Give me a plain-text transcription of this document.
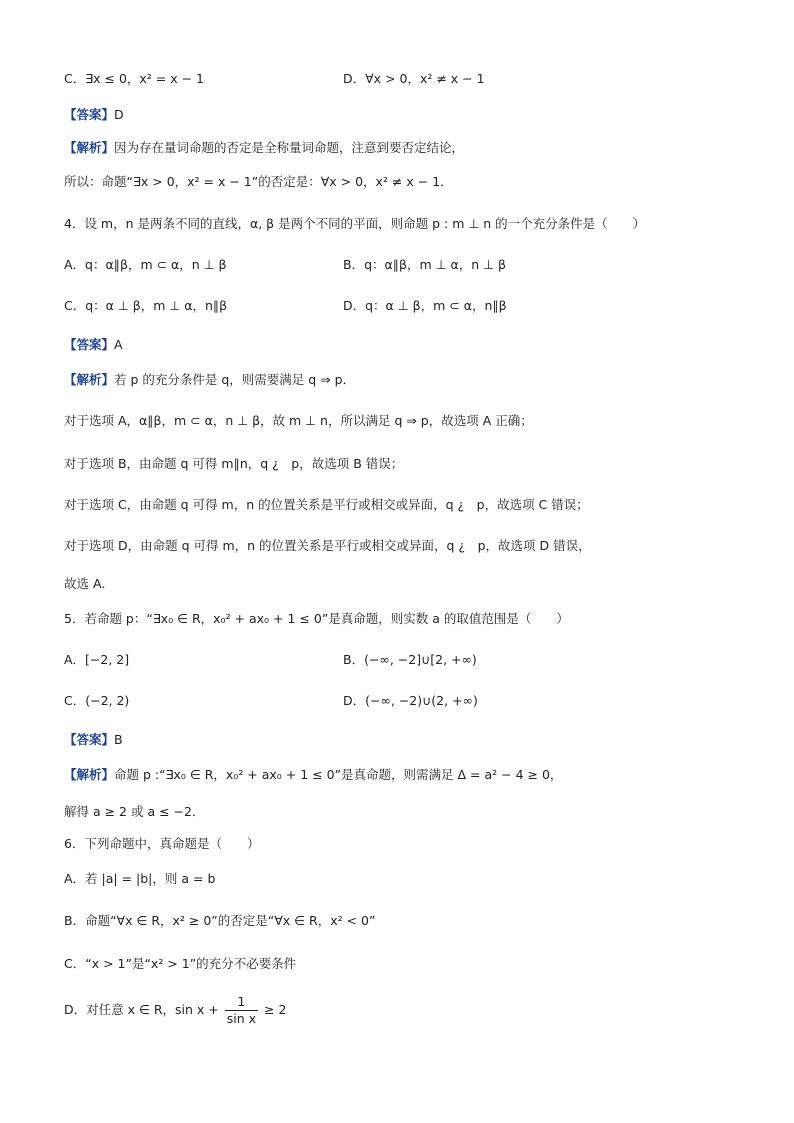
C．∃x ≤ 0，x² = x − 1	D．∀x > 0，x² ≠ x − 1
【答案】D
【解析】因为存在量词命题的否定是全称量词命题，注意到要否定结论，
所以：命题“∃x > 0，x² = x − 1”的否定是：∀x > 0，x² ≠ x − 1．
4．设 m，n 是两条不同的直线，α, β 是两个不同的平面，则命题 p : m ⊥ n 的一个充分条件是（　　）
A．q：α∥β，m ⊂ α，n ⊥ β	B．q：α∥β，m ⊥ α，n ⊥ β
C．q：α ⊥ β，m ⊥ α，n∥β	D．q：α ⊥ β，m ⊂ α，n∥β
【答案】A
【解析】若 p 的充分条件是 q，则需要满足 q ⇒ p．
对于选项 A，α∥β，m ⊂ α，n ⊥ β，故 m ⊥ n，所以满足 q ⇒ p，故选项 A 正确；
对于选项 B，由命题 q 可得 m∥n，q ¿　p，故选项 B 错误；
对于选项 C，由命题 q 可得 m，n 的位置关系是平行或相交或异面，q ¿　p，故选项 C 错误；
对于选项 D，由命题 q 可得 m，n 的位置关系是平行或相交或异面，q ¿　p，故选项 D 错误，
故选 A．
5．若命题 p：“∃x₀ ∈ R，x₀² + ax₀ + 1 ≤ 0”是真命题，则实数 a 的取值范围是（　　）
A．[−2, 2]	B．(−∞, −2]∪[2, +∞)
C．(−2, 2)	D．(−∞, −2)∪(2, +∞)
【答案】B
【解析】命题 p :“∃x₀ ∈ R，x₀² + ax₀ + 1 ≤ 0”是真命题，则需满足 Δ = a² − 4 ≥ 0，
解得 a ≥ 2 或 a ≤ −2．
6．下列命题中，真命题是（　　）
A．若 |a| = |b|，则 a = b
B．命题“∀x ∈ R，x² ≥ 0”的否定是“∀x ∈ R，x² < 0”
C．“x > 1”是“x² > 1”的充分不必要条件
D．对任意 x ∈ R，$\sin x + \frac{1}{\text{sin x}} \ge 2$
